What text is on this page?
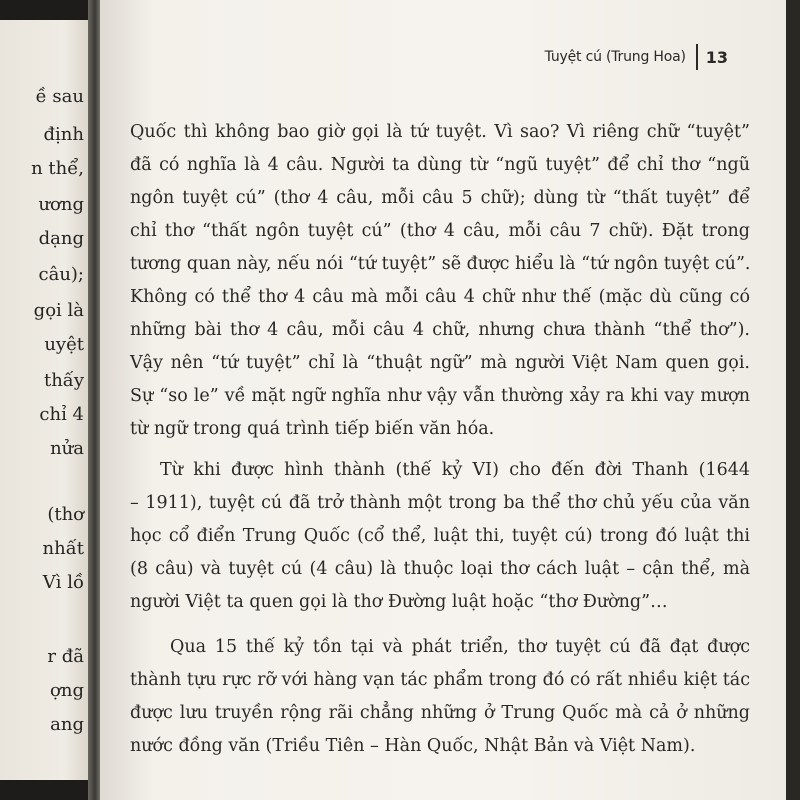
ề sau
định
n thể,
ương
dạng
câu);
gọi là
uyệt
thấy
chỉ 4
nửa
(thơ
nhất
Vì lồ
r đã
ợng
ang
Tuyệt cú (Trung Hoa) 13

Quốc thì không bao giờ gọi là tứ tuyệt. Vì sao? Vì riêng chữ “tuyệt”
đã có nghĩa là 4 câu. Người ta dùng từ “ngũ tuyệt” để chỉ thơ “ngũ
ngôn tuyệt cú” (thơ 4 câu, mỗi câu 5 chữ); dùng từ “thất tuyệt” để
chỉ thơ “thất ngôn tuyệt cú” (thơ 4 câu, mỗi câu 7 chữ). Đặt trong
tương quan này, nếu nói “tứ tuyệt” sẽ được hiểu là “tứ ngôn tuyệt cú”.
Không có thể thơ 4 câu mà mỗi câu 4 chữ như thế (mặc dù cũng có
những bài thơ 4 câu, mỗi câu 4 chữ, nhưng chưa thành “thể thơ”).
Vậy nên “tứ tuyệt” chỉ là “thuật ngữ” mà người Việt Nam quen gọi.
Sự “so le” về mặt ngữ nghĩa như vậy vẫn thường xảy ra khi vay mượn
từ ngữ trong quá trình tiếp biến văn hóa.

Từ khi được hình thành (thế kỷ VI) cho đến đời Thanh (1644
– 1911), tuyệt cú đã trở thành một trong ba thể thơ chủ yếu của văn
học cổ điển Trung Quốc (cổ thể, luật thi, tuyệt cú) trong đó luật thi
(8 câu) và tuyệt cú (4 câu) là thuộc loại thơ cách luật – cận thể, mà
người Việt ta quen gọi là thơ Đường luật hoặc “thơ Đường”…

Qua 15 thế kỷ tồn tại và phát triển, thơ tuyệt cú đã đạt được
thành tựu rực rỡ với hàng vạn tác phẩm trong đó có rất nhiều kiệt tác
được lưu truyền rộng rãi chẳng những ở Trung Quốc mà cả ở những
nước đồng văn (Triều Tiên – Hàn Quốc, Nhật Bản và Việt Nam).
